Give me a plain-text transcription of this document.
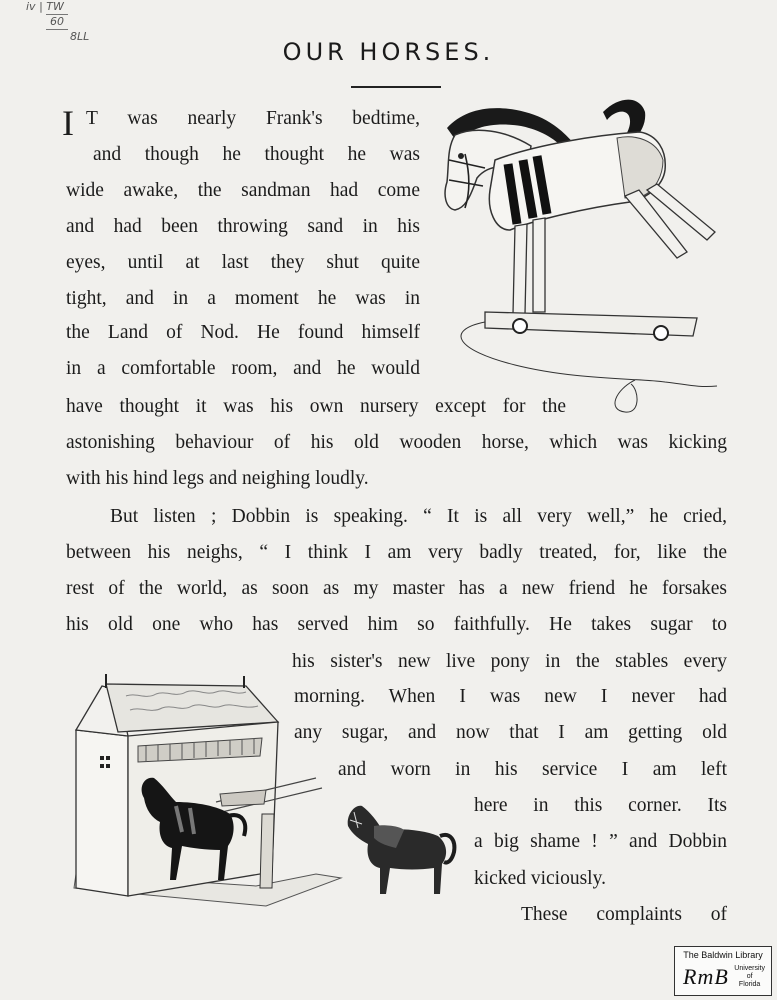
iv | TW
60
8LL
OUR HORSES.
I T was nearly Frank's bedtime,
and though he thought he was
wide awake, the sandman had come
and had been throwing sand in his
eyes, until at last they shut quite
tight, and in a moment he was in
the Land of Nod. He found himself
in a comfortable room, and he would
have thought it was his own nursery except for the
astonishing behaviour of his old wooden horse, which was kicking
with his hind legs and neighing loudly.
But listen ; Dobbin is speaking. “ It is all very well,” he cried,
between his neighs, “ I think I am very badly treated, for, like the
rest of the world, as soon as my master has a new friend he forsakes
his old one who has served him so faithfully. He takes sugar to
his sister's new live pony in the stables every
morning. When I was new I never had
any sugar, and now that I am getting old
and worn in his service I am left
here in this corner. Its
a big shame ! ” and Dobbin
kicked viciously.
These complaints of
The Baldwin Library
RmB University
of
Florida
